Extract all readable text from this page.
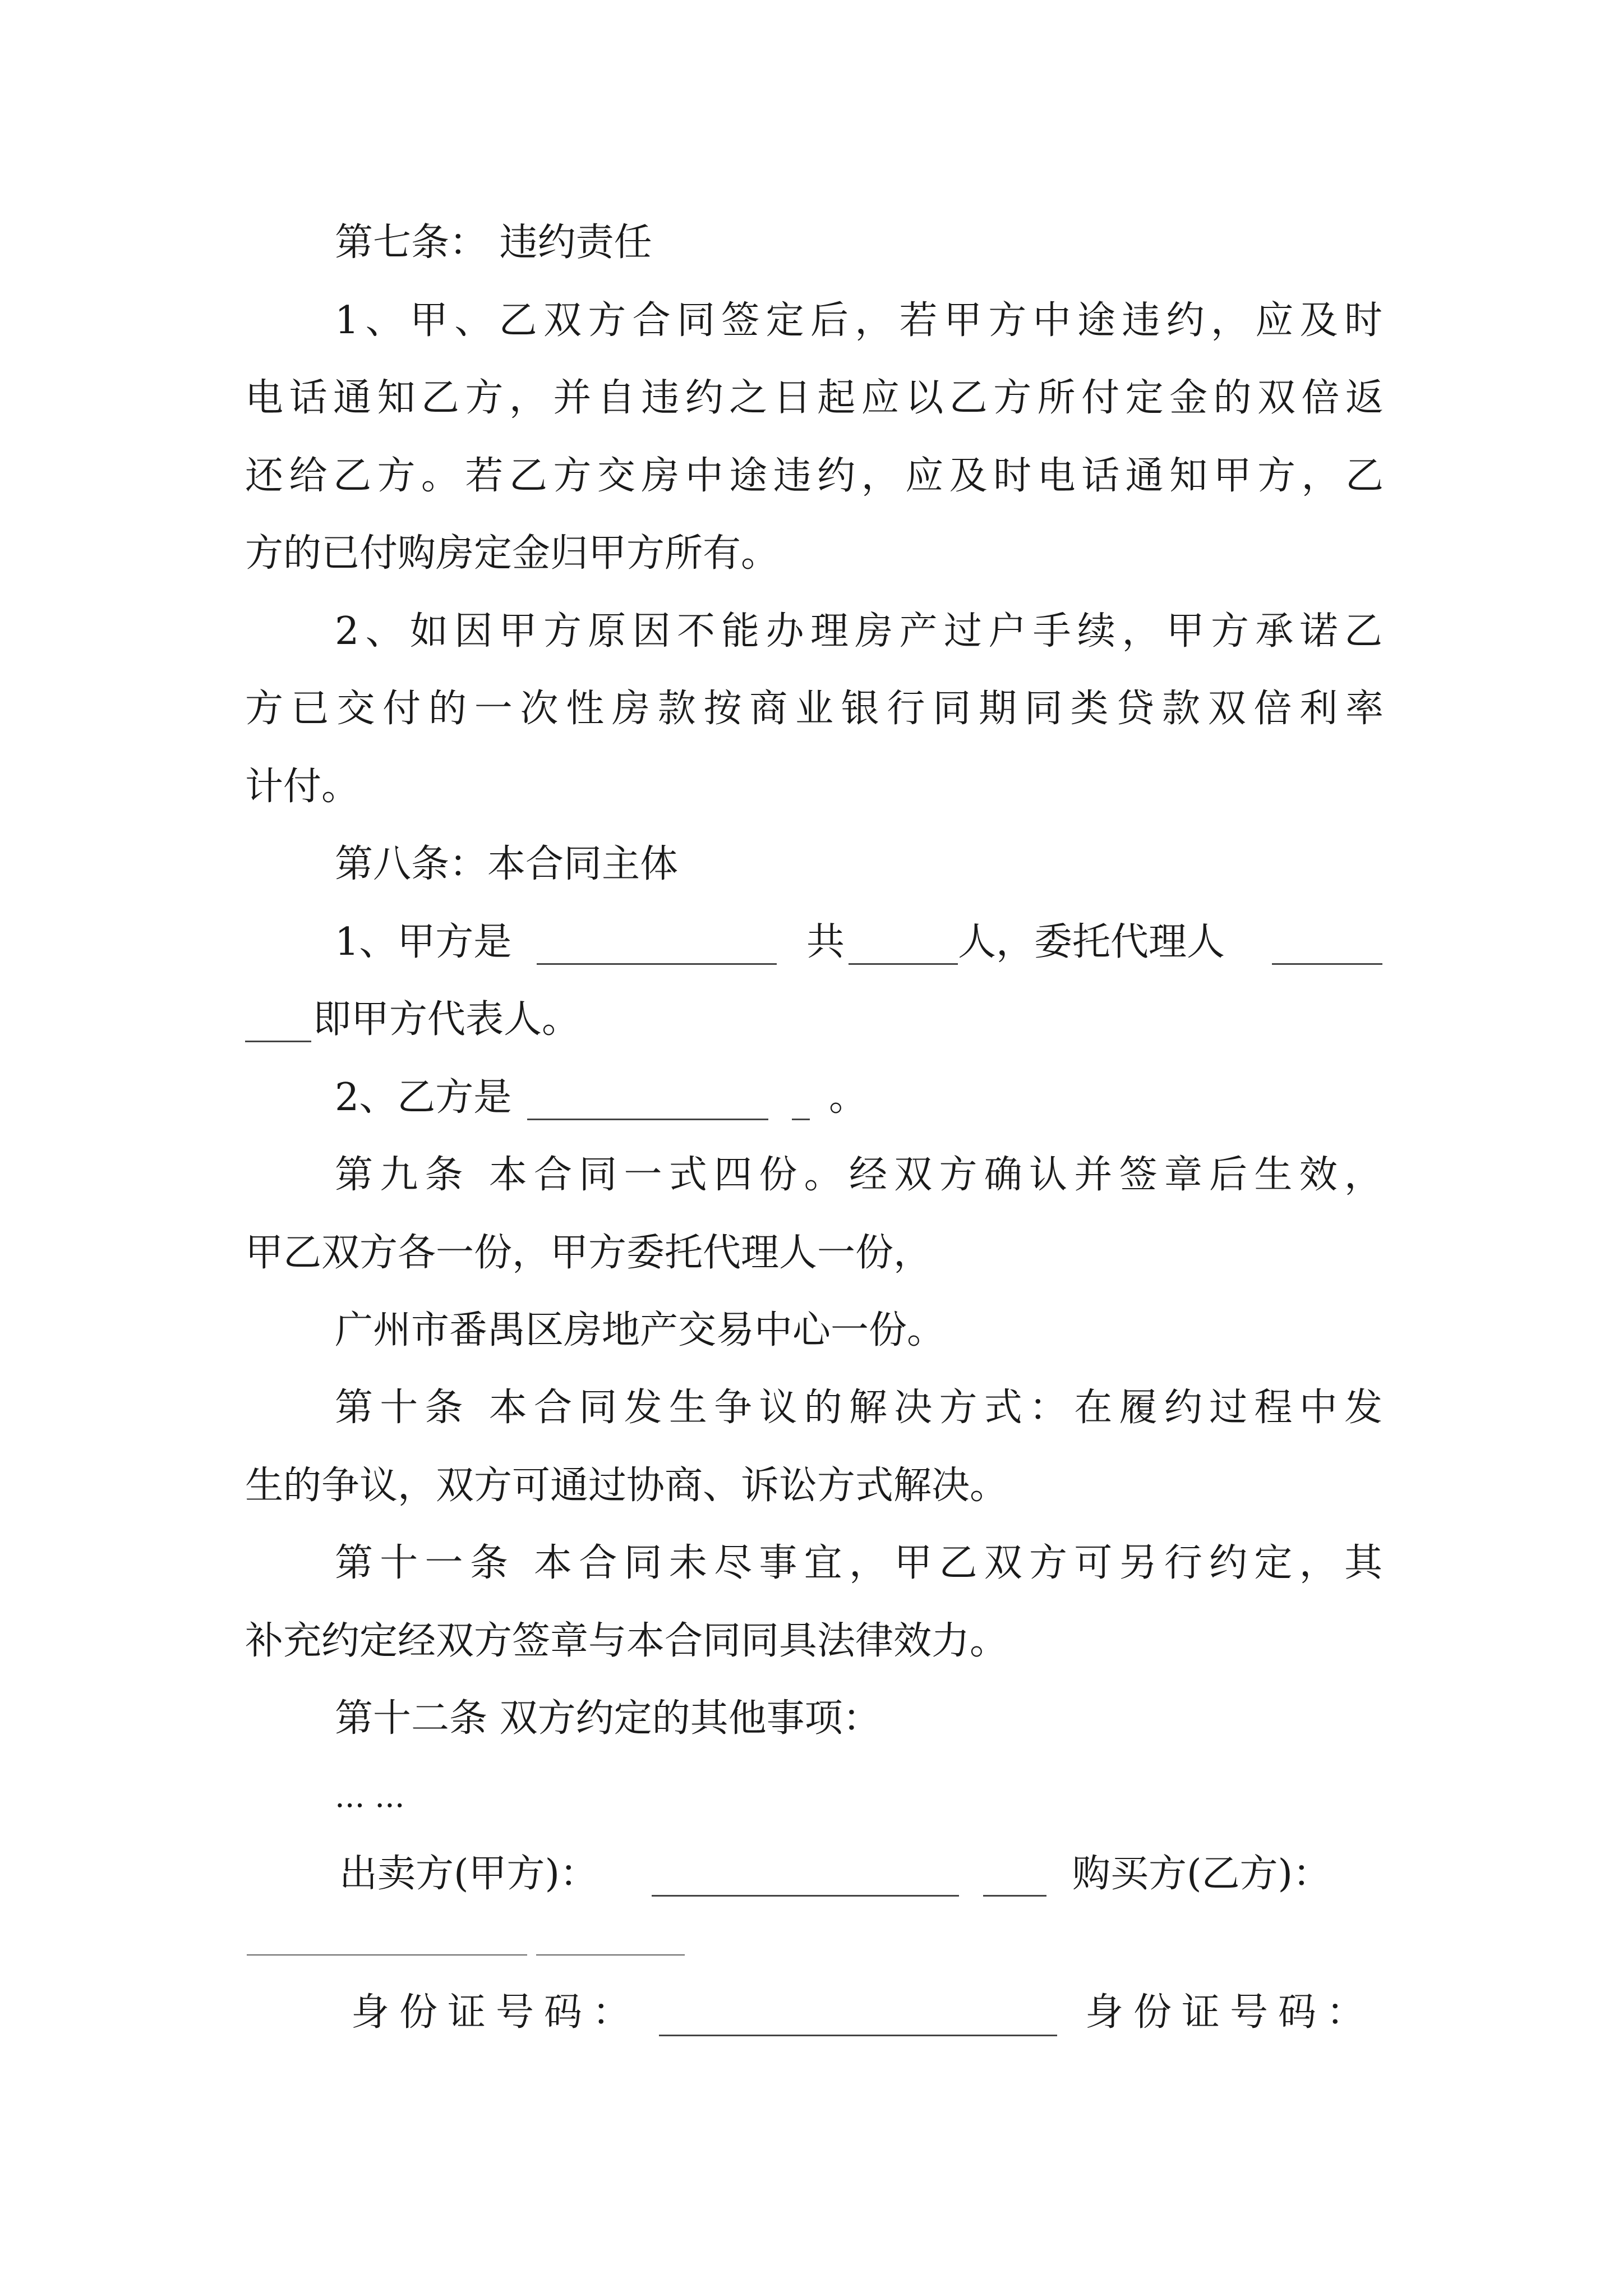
第七条： 违约责任
1、甲、乙双方合同签定后，若甲方中途违约，应及时
电话通知乙方，并自违约之日起应以乙方所付定金的双倍返
还给乙方。若乙方交房中途违约，应及时电话通知甲方，乙
方的已付购房定金归甲方所有。
2、如因甲方原因不能办理房产过户手续，甲方承诺乙
方已交付的一次性房款按商业银行同期同类贷款双倍利率
计付。
第八条：本合同主体
1、甲方是	共	人，委托代理人
即甲方代表人。
2、乙方是	。
第九条 本合同一式四份。经双方确认并签章后生效，
甲乙双方各一份，甲方委托代理人一份，
广州市番禺区房地产交易中心一份。
第十条 本合同发生争议的解决方式：在履约过程中发
生的争议，双方可通过协商、诉讼方式解决。
第十一条 本合同未尽事宜，甲乙双方可另行约定，其
补充约定经双方签章与本合同同具法律效力。
第十二条 双方约定的其他事项：
... ...
出卖方(甲方)：	购买方(乙方)：
身份证号码：	身份证号码：
